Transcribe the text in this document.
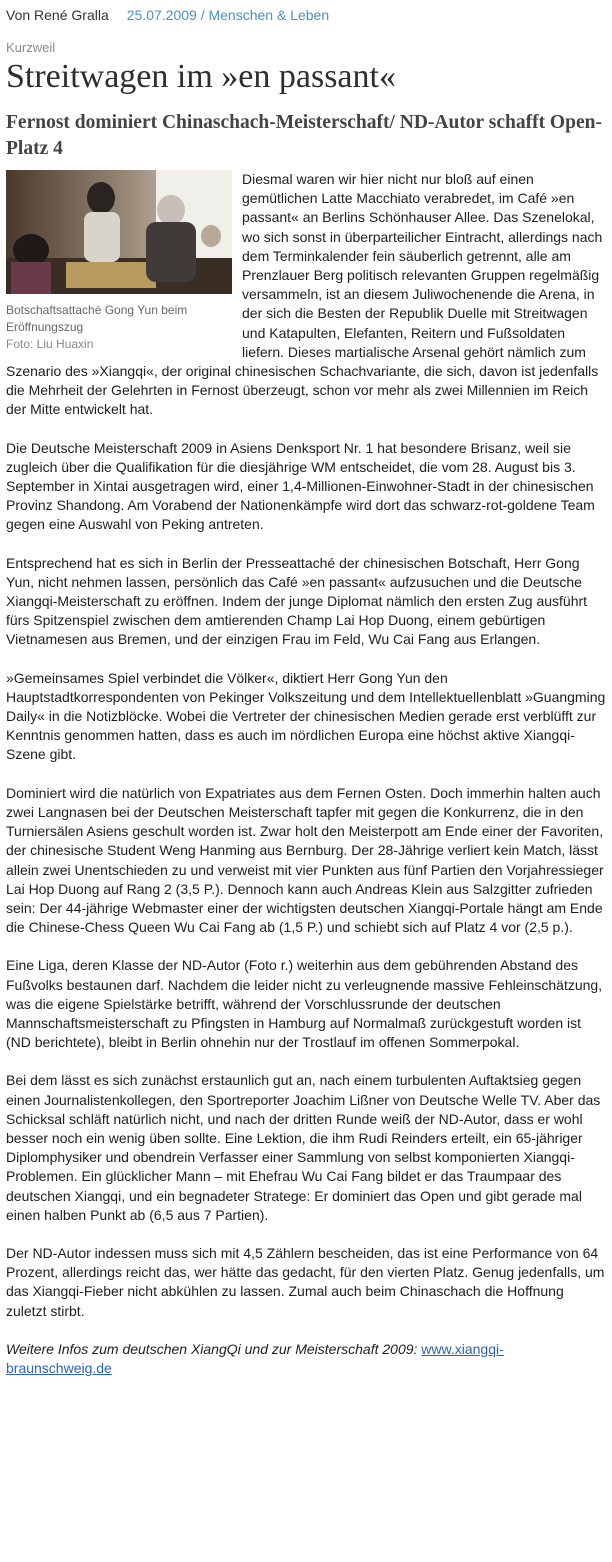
Von René Gralla 25.07.2009 / Menschen & Leben
Kurzweil
Streitwagen im »en passant«
Fernost dominiert Chinaschach-Meisterschaft/ ND-Autor schafft Open-Platz 4
Botschaftsattaché Gong Yun beim Eröffnungszug
Foto: Liu Huaxin

Diesmal waren wir hier nicht nur bloß auf einen gemütlichen Latte Macchiato verabredet, im Café »en passant« an Berlins Schönhauser Allee. Das Szenelokal, wo sich sonst in überparteilicher Eintracht, allerdings nach dem Terminkalender fein säuberlich getrennt, alle am Prenzlauer Berg politisch relevanten Gruppen regelmäßig versammeln, ist an diesem Juliwochenende die Arena, in der sich die Besten der Republik Duelle mit Streitwagen und Katapulten, Elefanten, Reitern und Fußsoldaten liefern. Dieses martialische Arsenal gehört nämlich zum Szenario des »Xiangqi«, der original chinesischen Schachvariante, die sich, davon ist jedenfalls die Mehrheit der Gelehrten in Fernost überzeugt, schon vor mehr als zwei Millennien im Reich der Mitte entwickelt hat.

Die Deutsche Meisterschaft 2009 in Asiens Denksport Nr. 1 hat besondere Brisanz, weil sie zugleich über die Qualifikation für die diesjährige WM entscheidet, die vom 28. August bis 3. September in Xintai ausgetragen wird, einer 1,4-Millionen-Einwohner-Stadt in der chinesischen Provinz Shandong. Am Vorabend der Nationenkämpfe wird dort das schwarz-rot-goldene Team gegen eine Auswahl von Peking antreten.

Entsprechend hat es sich in Berlin der Presseattaché der chinesischen Botschaft, Herr Gong Yun, nicht nehmen lassen, persönlich das Café »en passant« aufzusuchen und die Deutsche Xiangqi-Meisterschaft zu eröffnen. Indem der junge Diplomat nämlich den ersten Zug ausführt fürs Spitzenspiel zwischen dem amtierenden Champ Lai Hop Duong, einem gebürtigen Vietnamesen aus Bremen, und der einzigen Frau im Feld, Wu Cai Fang aus Erlangen.

»Gemeinsames Spiel verbindet die Völker«, diktiert Herr Gong Yun den Hauptstadtkorrespondenten von Pekinger Volkszeitung und dem Intellektuellenblatt »Guangming Daily« in die Notizblöcke. Wobei die Vertreter der chinesischen Medien gerade erst verblüfft zur Kenntnis genommen hatten, dass es auch im nördlichen Europa eine höchst aktive Xiangqi-Szene gibt.

Dominiert wird die natürlich von Expatriates aus dem Fernen Osten. Doch immerhin halten auch zwei Langnasen bei der Deutschen Meisterschaft tapfer mit gegen die Konkurrenz, die in den Turniersälen Asiens geschult worden ist. Zwar holt den Meisterpott am Ende einer der Favoriten, der chinesische Student Weng Hanming aus Bernburg. Der 28-Jährige verliert kein Match, lässt allein zwei Unentschieden zu und verweist mit vier Punkten aus fünf Partien den Vorjahressieger Lai Hop Duong auf Rang 2 (3,5 P.). Dennoch kann auch Andreas Klein aus Salzgitter zufrieden sein: Der 44-jährige Webmaster einer der wichtigsten deutschen Xiangqi-Portale hängt am Ende die Chinese-Chess Queen Wu Cai Fang ab (1,5 P.) und schiebt sich auf Platz 4 vor (2,5 p.).

Eine Liga, deren Klasse der ND-Autor (Foto r.) weiterhin aus dem gebührenden Abstand des Fußvolks bestaunen darf. Nachdem die leider nicht zu verleugnende massive Fehleinschätzung, was die eigene Spielstärke betrifft, während der Vorschlussrunde der deutschen Mannschaftsmeisterschaft zu Pfingsten in Hamburg auf Normalmaß zurückgestuft worden ist (ND berichtete), bleibt in Berlin ohnehin nur der Trostlauf im offenen Sommerpokal.

Bei dem lässt es sich zunächst erstaunlich gut an, nach einem turbulenten Auftaktsieg gegen einen Journalistenkollegen, den Sportreporter Joachim Lißner von Deutsche Welle TV. Aber das Schicksal schläft natürlich nicht, und nach der dritten Runde weiß der ND-Autor, dass er wohl besser noch ein wenig üben sollte. Eine Lektion, die ihm Rudi Reinders erteilt, ein 65-jähriger Diplomphysiker und obendrein Verfasser einer Sammlung von selbst komponierten Xiangqi-Problemen. Ein glücklicher Mann – mit Ehefrau Wu Cai Fang bildet er das Traumpaar des deutschen Xiangqi, und ein begnadeter Stratege: Er dominiert das Open und gibt gerade mal einen halben Punkt ab (6,5 aus 7 Partien).

Der ND-Autor indessen muss sich mit 4,5 Zählern bescheiden, das ist eine Performance von 64 Prozent, allerdings reicht das, wer hätte das gedacht, für den vierten Platz. Genug jedenfalls, um das Xiangqi-Fieber nicht abkühlen zu lassen. Zumal auch beim Chinaschach die Hoffnung zuletzt stirbt.

Weitere Infos zum deutschen XiangQi und zur Meisterschaft 2009: www.xiangqi-braunschweig.de
